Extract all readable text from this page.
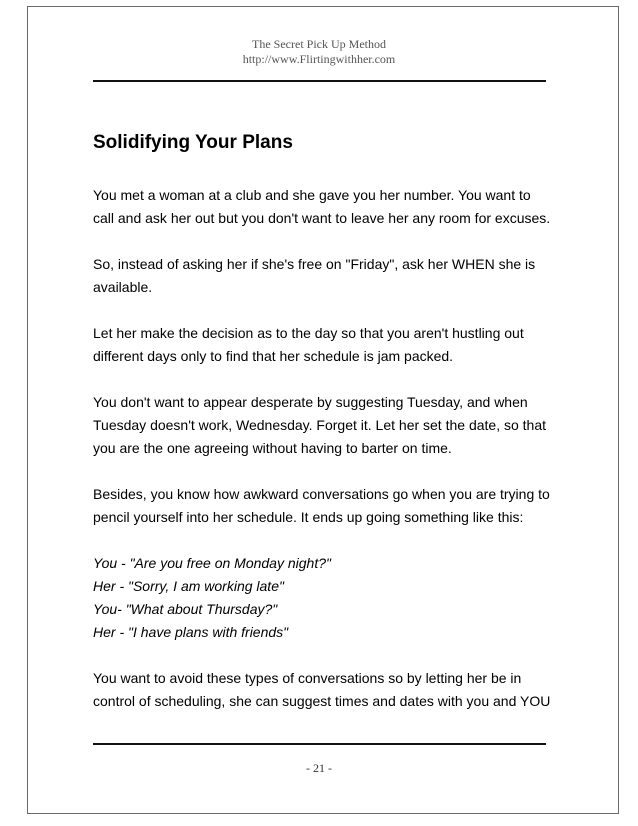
The Secret Pick Up Method
http://www.Flirtingwithher.com
Solidifying Your Plans

You met a woman at a club and she gave you her number. You want to call and ask her out but you don't want to leave her any room for excuses.

So, instead of asking her if she's free on "Friday", ask her WHEN she is available.

Let her make the decision as to the day so that you aren't hustling out different days only to find that her schedule is jam packed.

You don't want to appear desperate by suggesting Tuesday, and when Tuesday doesn't work, Wednesday. Forget it. Let her set the date, so that you are the one agreeing without having to barter on time.

Besides, you know how awkward conversations go when you are trying to pencil yourself into her schedule. It ends up going something like this:

You - "Are you free on Monday night?"
Her - "Sorry, I am working late"
You- "What about Thursday?"
Her - "I have plans with friends"

You want to avoid these types of conversations so by letting her be in control of scheduling, she can suggest times and dates with you and YOU

- 21 -
